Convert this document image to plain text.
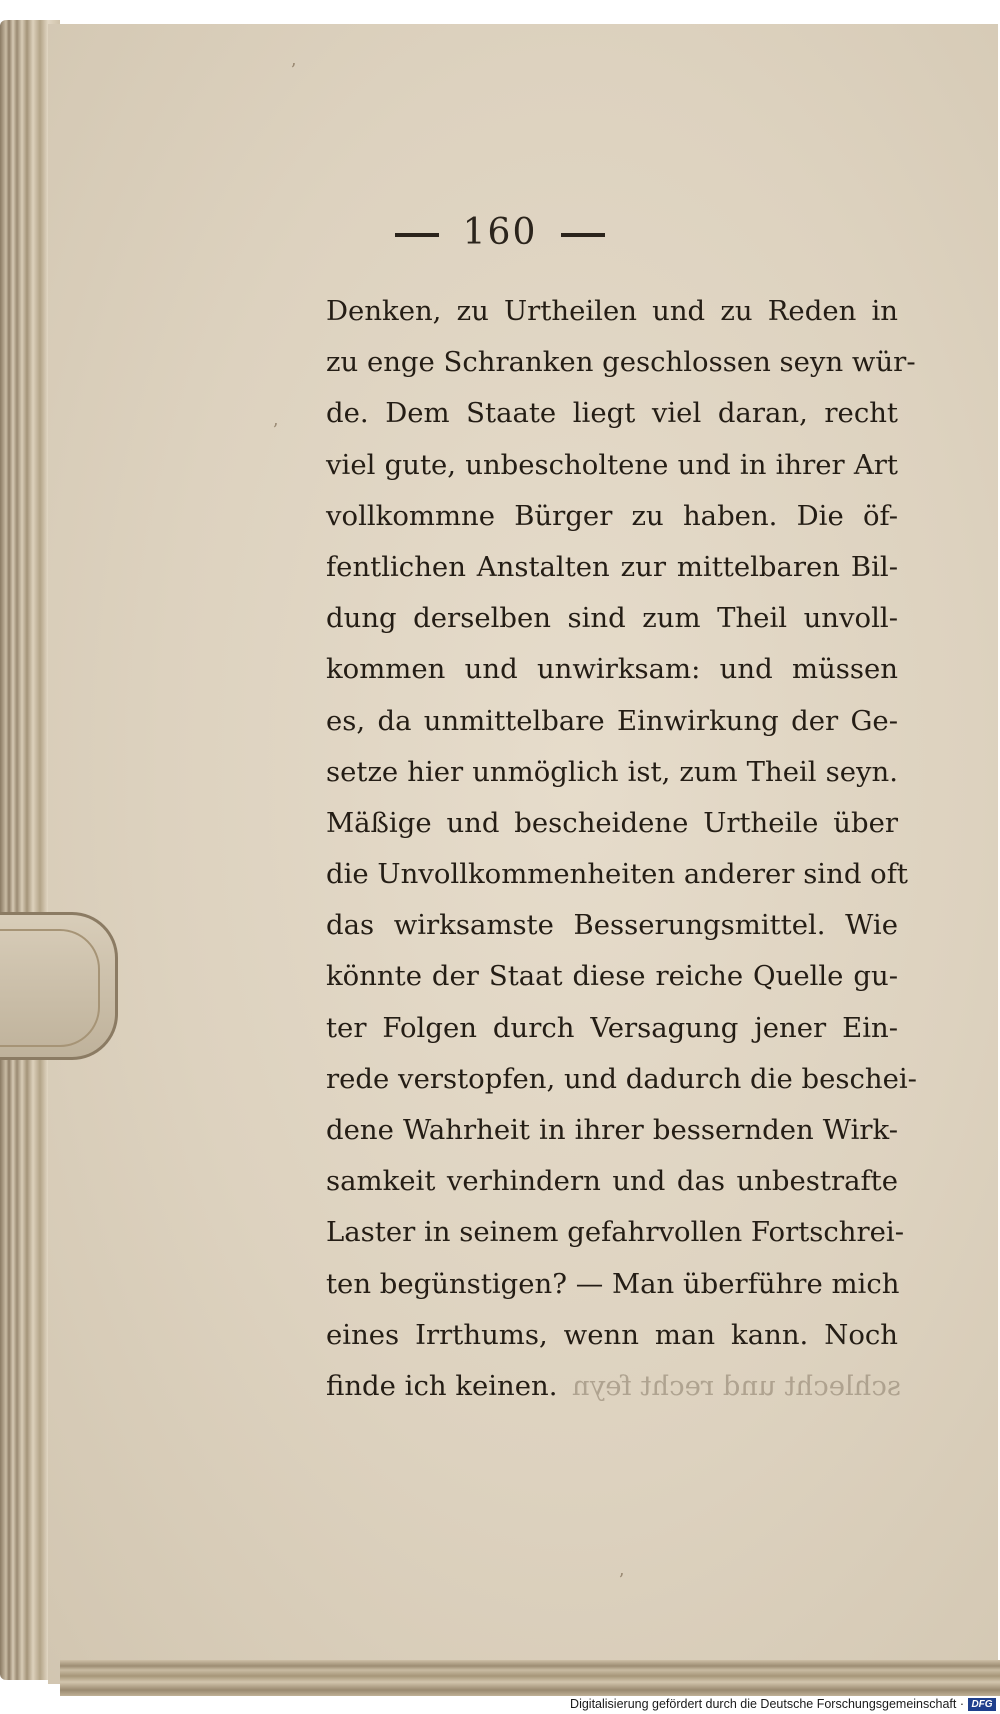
160
Denken, zu Urtheilen und zu Reden in
zu enge Schranken geschlossen seyn wür-
de. Dem Staate liegt viel daran, recht
viel gute, unbescholtene und in ihrer Art
vollkommne Bürger zu haben. Die öf-
fentlichen Anstalten zur mittelbaren Bil-
dung derselben sind zum Theil unvoll-
kommen und unwirksam: und müssen
es, da unmittelbare Einwirkung der Ge-
setze hier unmöglich ist, zum Theil seyn.
Mäßige und bescheidene Urtheile über
die Unvollkommenheiten anderer sind oft
das wirksamste Besserungsmittel. Wie
könnte der Staat diese reiche Quelle gu-
ter Folgen durch Versagung jener Ein-
rede verstopfen, und dadurch die beschei-
dene Wahrheit in ihrer bessernden Wirk-
samkeit verhindern und das unbestrafte
Laster in seinem gefahrvollen Fortschrei-
ten begünstigen? — Man überführe mich
eines Irrthums, wenn man kann. Noch
finde ich keinen. schlecht und recht feyn
ʼ
ʼ
ʼ
Digitalisierung gefördert durch die Deutsche Forschungsgemeinschaft · DFG
